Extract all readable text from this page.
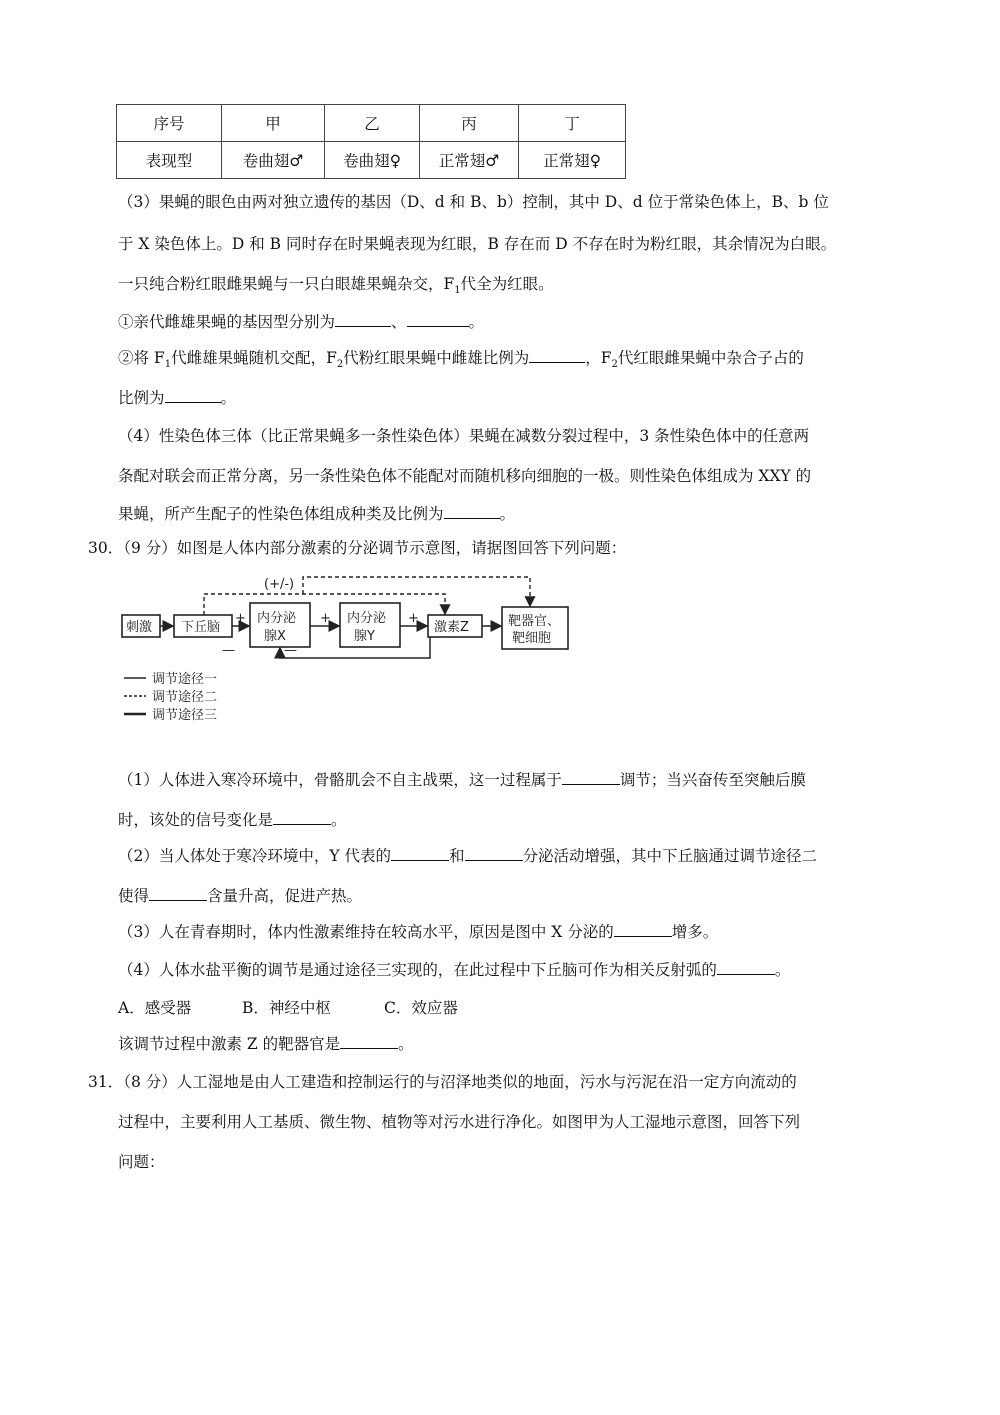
序号	甲	乙	丙	丁
表现型	卷曲翅♂	卷曲翅♀	正常翅♂	正常翅♀
（3）果蝇的眼色由两对独立遗传的基因（D、d 和 B、b）控制，其中 D、d 位于常染色体上，B、b 位
于 X 染色体上。D 和 B 同时存在时果蝇表现为红眼，B 存在而 D 不存在时为粉红眼，其余情况为白眼。
一只纯合粉红眼雌果蝇与一只白眼雄果蝇杂交，$F_1$代全为红眼。
①亲代雌雄果蝇的基因型分别为	、	。
②将 $F_1$代雌雄果蝇随机交配，$F_2$代粉红眼果蝇中雌雄比例为	，$F_2$代红眼雌果蝇中杂合子占的
比例为	。
（4）性染色体三体（比正常果蝇多一条性染色体）果蝇在减数分裂过程中，3 条性染色体中的任意两
条配对联会而正常分离，另一条性染色体不能配对而随机移向细胞的一极。则性染色体组成为 XXY 的
果蝇，所产生配子的性染色体组成种类及比例为	。
30．（9 分）如图是人体内部分激素的分泌调节示意图，请据图回答下列问题：
刺激 下丘脑
内分泌
腺X
内分泌
腺Y
激素Z	靶器官、
靶细胞
(+/-)
+	+	+
—	—
调节途径一
调节途径二
调节途径三
（1）人体进入寒冷环境中，骨骼肌会不自主战栗，这一过程属于	调节；当兴奋传至突触后膜
时，该处的信号变化是	。
（2）当人体处于寒冷环境中，Y 代表的	和	分泌活动增强，其中下丘脑通过调节途径二
使得	含量升高，促进产热。
（3）人在青春期时，体内性激素维持在较高水平，原因是图中 X 分泌的	增多。
（4）人体水盐平衡的调节是通过途径三实现的，在此过程中下丘脑可作为相关反射弧的	。
A．感受器	B．神经中枢	C．效应器
该调节过程中激素 Z 的靶器官是	。
31．（8 分）人工湿地是由人工建造和控制运行的与沼泽地类似的地面，污水与污泥在沿一定方向流动的
过程中，主要利用人工基质、微生物、植物等对污水进行净化。如图甲为人工湿地示意图，回答下列
问题：
